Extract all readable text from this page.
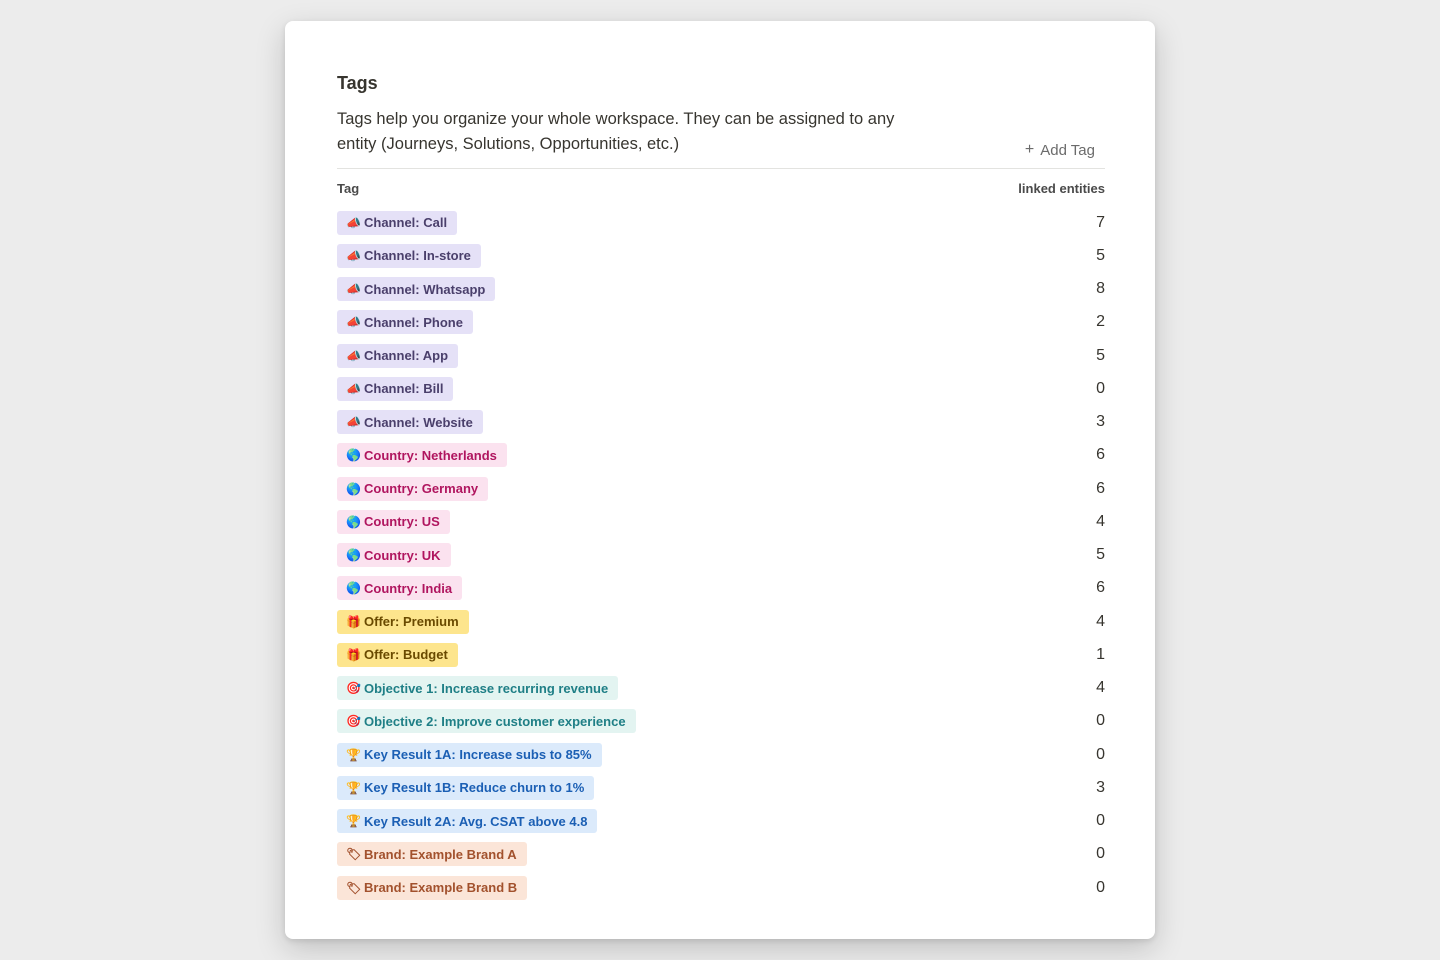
Tags

Tags help you organize your whole workspace. They can be assigned to any entity (Journeys, Solutions, Opportunities, etc.)	+ Add Tag
Tag	linked entities
📣 Channel: Call	7
📣 Channel: In-store	5
📣 Channel: Whatsapp	8
📣 Channel: Phone	2
📣 Channel: App	5
📣 Channel: Bill	0
📣 Channel: Website	3
🌎 Country: Netherlands	6
🌎 Country: Germany	6
🌎 Country: US	4
🌎 Country: UK	5
🌎 Country: India	6
🎁 Offer: Premium	4
🎁 Offer: Budget	1
🎯 Objective 1: Increase recurring revenue	4
🎯 Objective 2: Improve customer experience	0
🏆 Key Result 1A: Increase subs to 85%	0
🏆 Key Result 1B: Reduce churn to 1%	3
🏆 Key Result 2A: Avg. CSAT above 4.8	0
🏷 Brand: Example Brand A	0
🏷 Brand: Example Brand B	0
